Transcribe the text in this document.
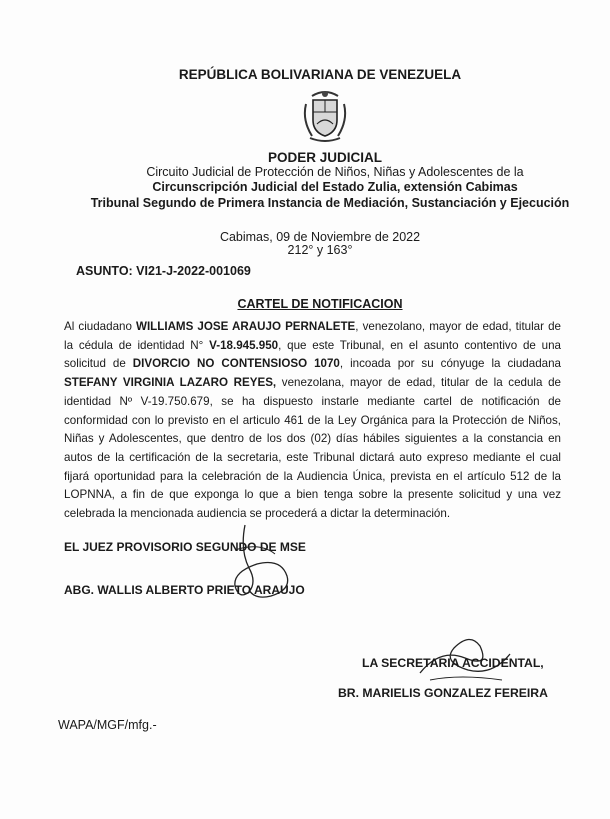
REPÚBLICA BOLIVARIANA DE VENEZUELA
PODER JUDICIAL
Circuito Judicial de Protección de Niños, Niñas y Adolescentes de la
Circunscripción Judicial del Estado Zulia, extensión Cabimas
Tribunal Segundo de Primera Instancia de Mediación, Sustanciación y Ejecución
Cabimas, 09 de Noviembre de 2022
212° y 163°
ASUNTO: VI21-J-2022-001069
CARTEL DE NOTIFICACION
Al ciudadano WILLIAMS JOSE ARAUJO PERNALETE, venezolano, mayor de edad, titular de la cédula de identidad N° V-18.945.950, que este Tribunal, en el asunto contentivo de una solicitud de DIVORCIO NO CONTENSIOSO 1070, incoada por su cónyuge la ciudadana STEFANY VIRGINIA LAZARO REYES, venezolana, mayor de edad, titular de la cedula de identidad Nº V-19.750.679, se ha dispuesto instarle mediante cartel de notificación de conformidad con lo previsto en el articulo 461 de la Ley Orgánica para la Protección de Niños, Niñas y Adolescentes, que dentro de los dos (02) días hábiles siguientes a la constancia en autos de la certificación de la secretaria, este Tribunal dictará auto expreso mediante el cual fijará oportunidad para la celebración de la Audiencia Única, prevista en el artículo 512 de la LOPNNA, a fin de que exponga lo que a bien tenga sobre la presente solicitud y una vez celebrada la mencionada audiencia se procederá a dictar la determinación.
EL JUEZ PROVISORIO SEGUNDO DE MSE
ABG. WALLIS ALBERTO PRIETO ARAUJO
LA SECRETARIA ACCIDENTAL,
BR. MARIELIS GONZALEZ FEREIRA
WAPA/MGF/mfg.-
